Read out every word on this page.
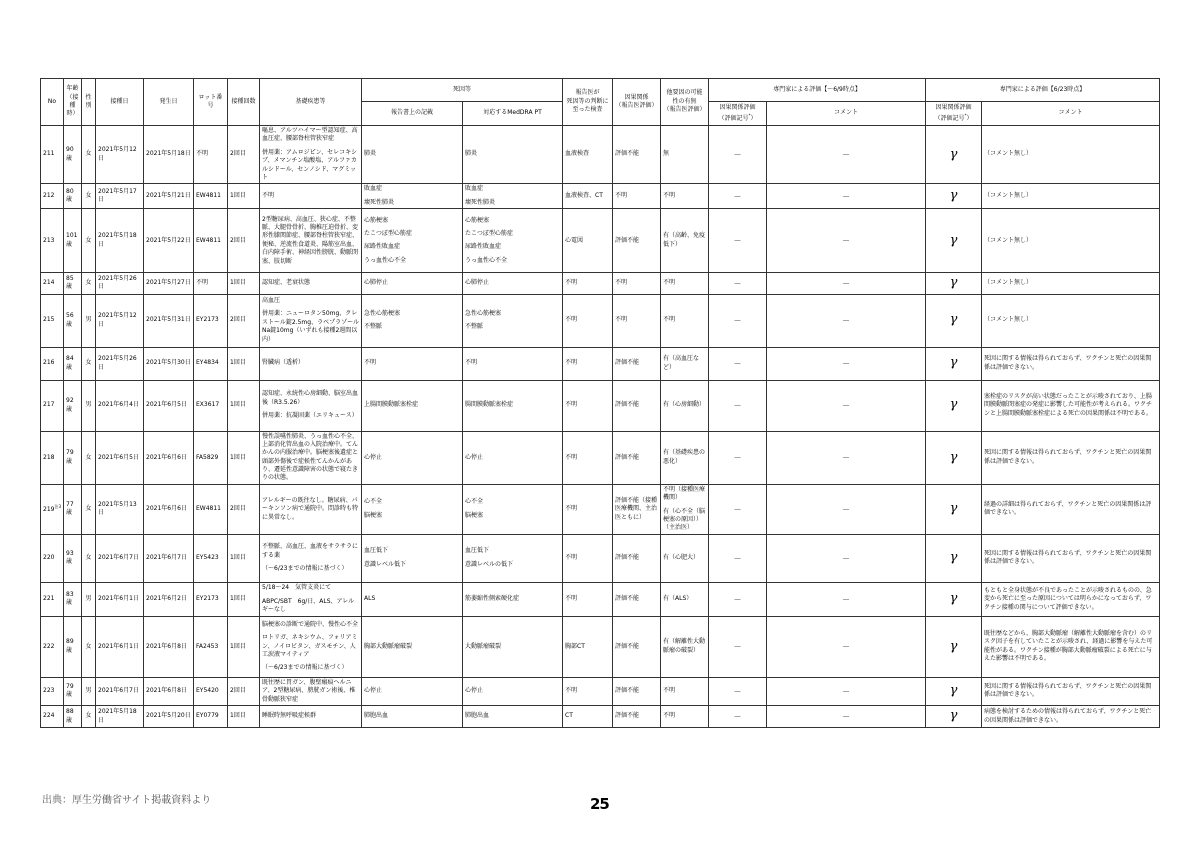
No	年齢
（接種
時）	性別	接種日	発生日	ロット番号	接種回数	基礎疾患等	死因等		報告医が
死因等の判断に
至った検査	因果関係
（報告医評価）	他要因の可能
性の有無
（報告医評価）	専門家による評価【～6/9時点】		専門家による評価【6/23時点】	
								報告書上の記載	対応するMedDRA PT				因果関係評価
（評価記号*）	コメント	因果関係評価
（評価記号*）	コメント
211	90歳	女	2021年5月12日	2021年5月18日	不明	2回目	嘔息、アルツハイマー型認知症、高血圧症、腰部脊柱管狭窄症
併用薬：アムロジピン、セレコキシブ、メマンチン塩酸塩、アルファカルシドール、センノシド、マグミット	肺炎	肺炎	血液検査	評価不能	無	－	－	γ	（コメント無し）
212	80歳	女	2021年5月17日	2021年5月21日	EW4811	1回目	不明	敗血症
壊死性肺炎	敗血症
壊死性肺炎	血液検査、CT	不明	不明	－	－	γ	（コメント無し）
213	101歳	女	2021年5月18日	2021年5月22日	EW4811	2回目	2型糖尿病、高血圧、狭心症、不整脈、大腿骨骨折、胸椎圧迫骨折、変形性膝関節症、腰部脊柱管狭窄症、便秘、逆流性食道炎、陽筋室出血、白内障手術、神経因性膀胱、動脈閉塞、肢切断	心筋梗塞
たこつぼ型心筋症
尿路性敗血症
うっ血性心不全	心筋梗塞
たこつぼ型心筋症
尿路性敗血症
うっ血性心不全	心電図	評価不能	有（高齢、免疫低下）	－	－	γ	（コメント無し）
214	85歳	女	2021年5月26日	2021年5月27日	不明	1回目	認知症、老衰状態	心肺停止	心肺停止	不明	不明	不明	－	－	γ	（コメント無し）
215	56歳	男	2021年5月12日	2021年5月31日	EY2173	2回目	高血圧
併用薬：ニューロタン50mg、クレストール錠2.5mg、ラベプラゾールNa錠10mg（いずれも接種2週間以内）	急性心筋梗塞
不整脈	急性心筋梗塞
不整脈	不明	不明	不明	－	－	γ	（コメント無し）
216	84歳	女	2021年5月26日	2021年5月30日	EY4834	1回目	腎臓病（透析）	不明	不明	不明	評価不能	有（高血圧など）	－	－	γ	死因に関する情報は得られておらず、ワクチンと死亡の因果関係は評価できない。
217	92歳	男	2021年6月4日	2021年6月5日	EX3617	1回目	認知症、永続性心房細動、脳室出血後（R3.5.26）
併用薬：抗凝固薬（エリキュース）	上腸間膜動脈塞栓症	腸間膜動脈塞栓症	不明	評価不能	有（心房細動）	－	－	γ	塞栓症のリスクが高い状態だったことが示唆されており、上腸間膜動脈閉塞症の発症に影響した可能性が考えられる。ワクチンと上腸間膜動脈塞栓症による死亡の因果関係は不明である。
218	79歳	女	2021年6月5日	2021年6月6日	FA5829	1回目	慢性誤嚥性肺炎、うっ血性心不全、上部消化管出血の入院治療中。てんかんの内服治療中。脳梗塞後遺症と頭部外傷後で症候性てんかんがあり、遷延性意識障害の状態で寝たきりの状態。	心停止	心停止	不明	評価不能	有（基礎疾患の悪化）	－	－	γ	死因に関する情報は得られておらず、ワクチンと死亡の因果関係は評価できない。
219$^{注3}$	77歳	女	2021年5月13日	2021年6月6日	EW4811	2回目	アレルギーの既往なし。糖尿病、パーキンソン病で通院中。問診時も特に異常なし。	心不全
脳梗塞	心不全
脳梗塞	不明	評価不能（接種医療機関、主治医ともに）	不明（接種医療機関）
有（心不全（脳梗塞の原因））（主治医）	－	－	γ	経過の詳細は得られておらず、ワクチンと死亡の因果関係は評価できない。
220	93歳	女	2021年6月7日	2021年6月7日	EY5423	1回目	不整脈、高血圧、血液をサラサラにする薬
（～6/23までの情報に基づく）	血圧低下
意識レベル低下	血圧低下
意識レベルの低下	不明	評価不能	有（心肥大）	－	－	γ	死因に関する情報は得られておらず、ワクチンと死亡の因果関係は評価できない。
221	83歳	男	2021年6月1日	2021年6月2日	EY2173	1回目	5/18～24　気管支炎にて
ABPC/SBT　6g/日、ALS、アレルギーなし	ALS	筋萎縮性側索硬化症	不明	評価不能	有（ALS）	－	－	γ	もともと全身状態が不良であったことが示唆されるものの、急変から死亡に至った原因については明らかになっておらず、ワクチン接種の関与について評価できない。
222	89歳	女	2021年6月1日	2021年6月8日	FA2453	1回目	脳梗塞の診断で通院中、慢性心不全
ロトリガ、ネキシウム、フォリアミン、ノイロビタン、ガスモチン、人工涙液マイティア
（～6/23までの情報に基づく）	胸部大動脈瘤破裂	大動脈瘤破裂	胸部CT	評価不能	有（解離性大動脈瘤の破裂）	－	－	γ	既往歴などから、胸部大動脈瘤（解離性大動脈瘤を含む）のリスク因子を有していたことが示唆され、経過に影響を与えた可能性がある。ワクチン接種が胸部大動脈瘤破裂による死亡に与えた影響は不明である。
223	79歳	男	2021年6月7日	2021年6月8日	EY5420	2回目	既往歴に胃ガン、腹壁瘢痕ヘルニア、2型糖尿病、膀胱ガン術後、椎骨動脈狭窄症	心停止	心停止	不明	評価不能	不明	－	－	γ	死因に関する情報は得られておらず、ワクチンと死亡の因果関係は評価できない。
224	88歳	女	2021年5月18日	2021年5月20日	EY0779	1回目	睡眠時無呼吸症候群	肺胞出血	肺胞出血	CT	評価不能	不明	－	－	γ	病態を検討するための情報は得られておらず、ワクチンと死亡の因果関係は評価できない。
出典：厚生労働省サイト掲載資料より	25
